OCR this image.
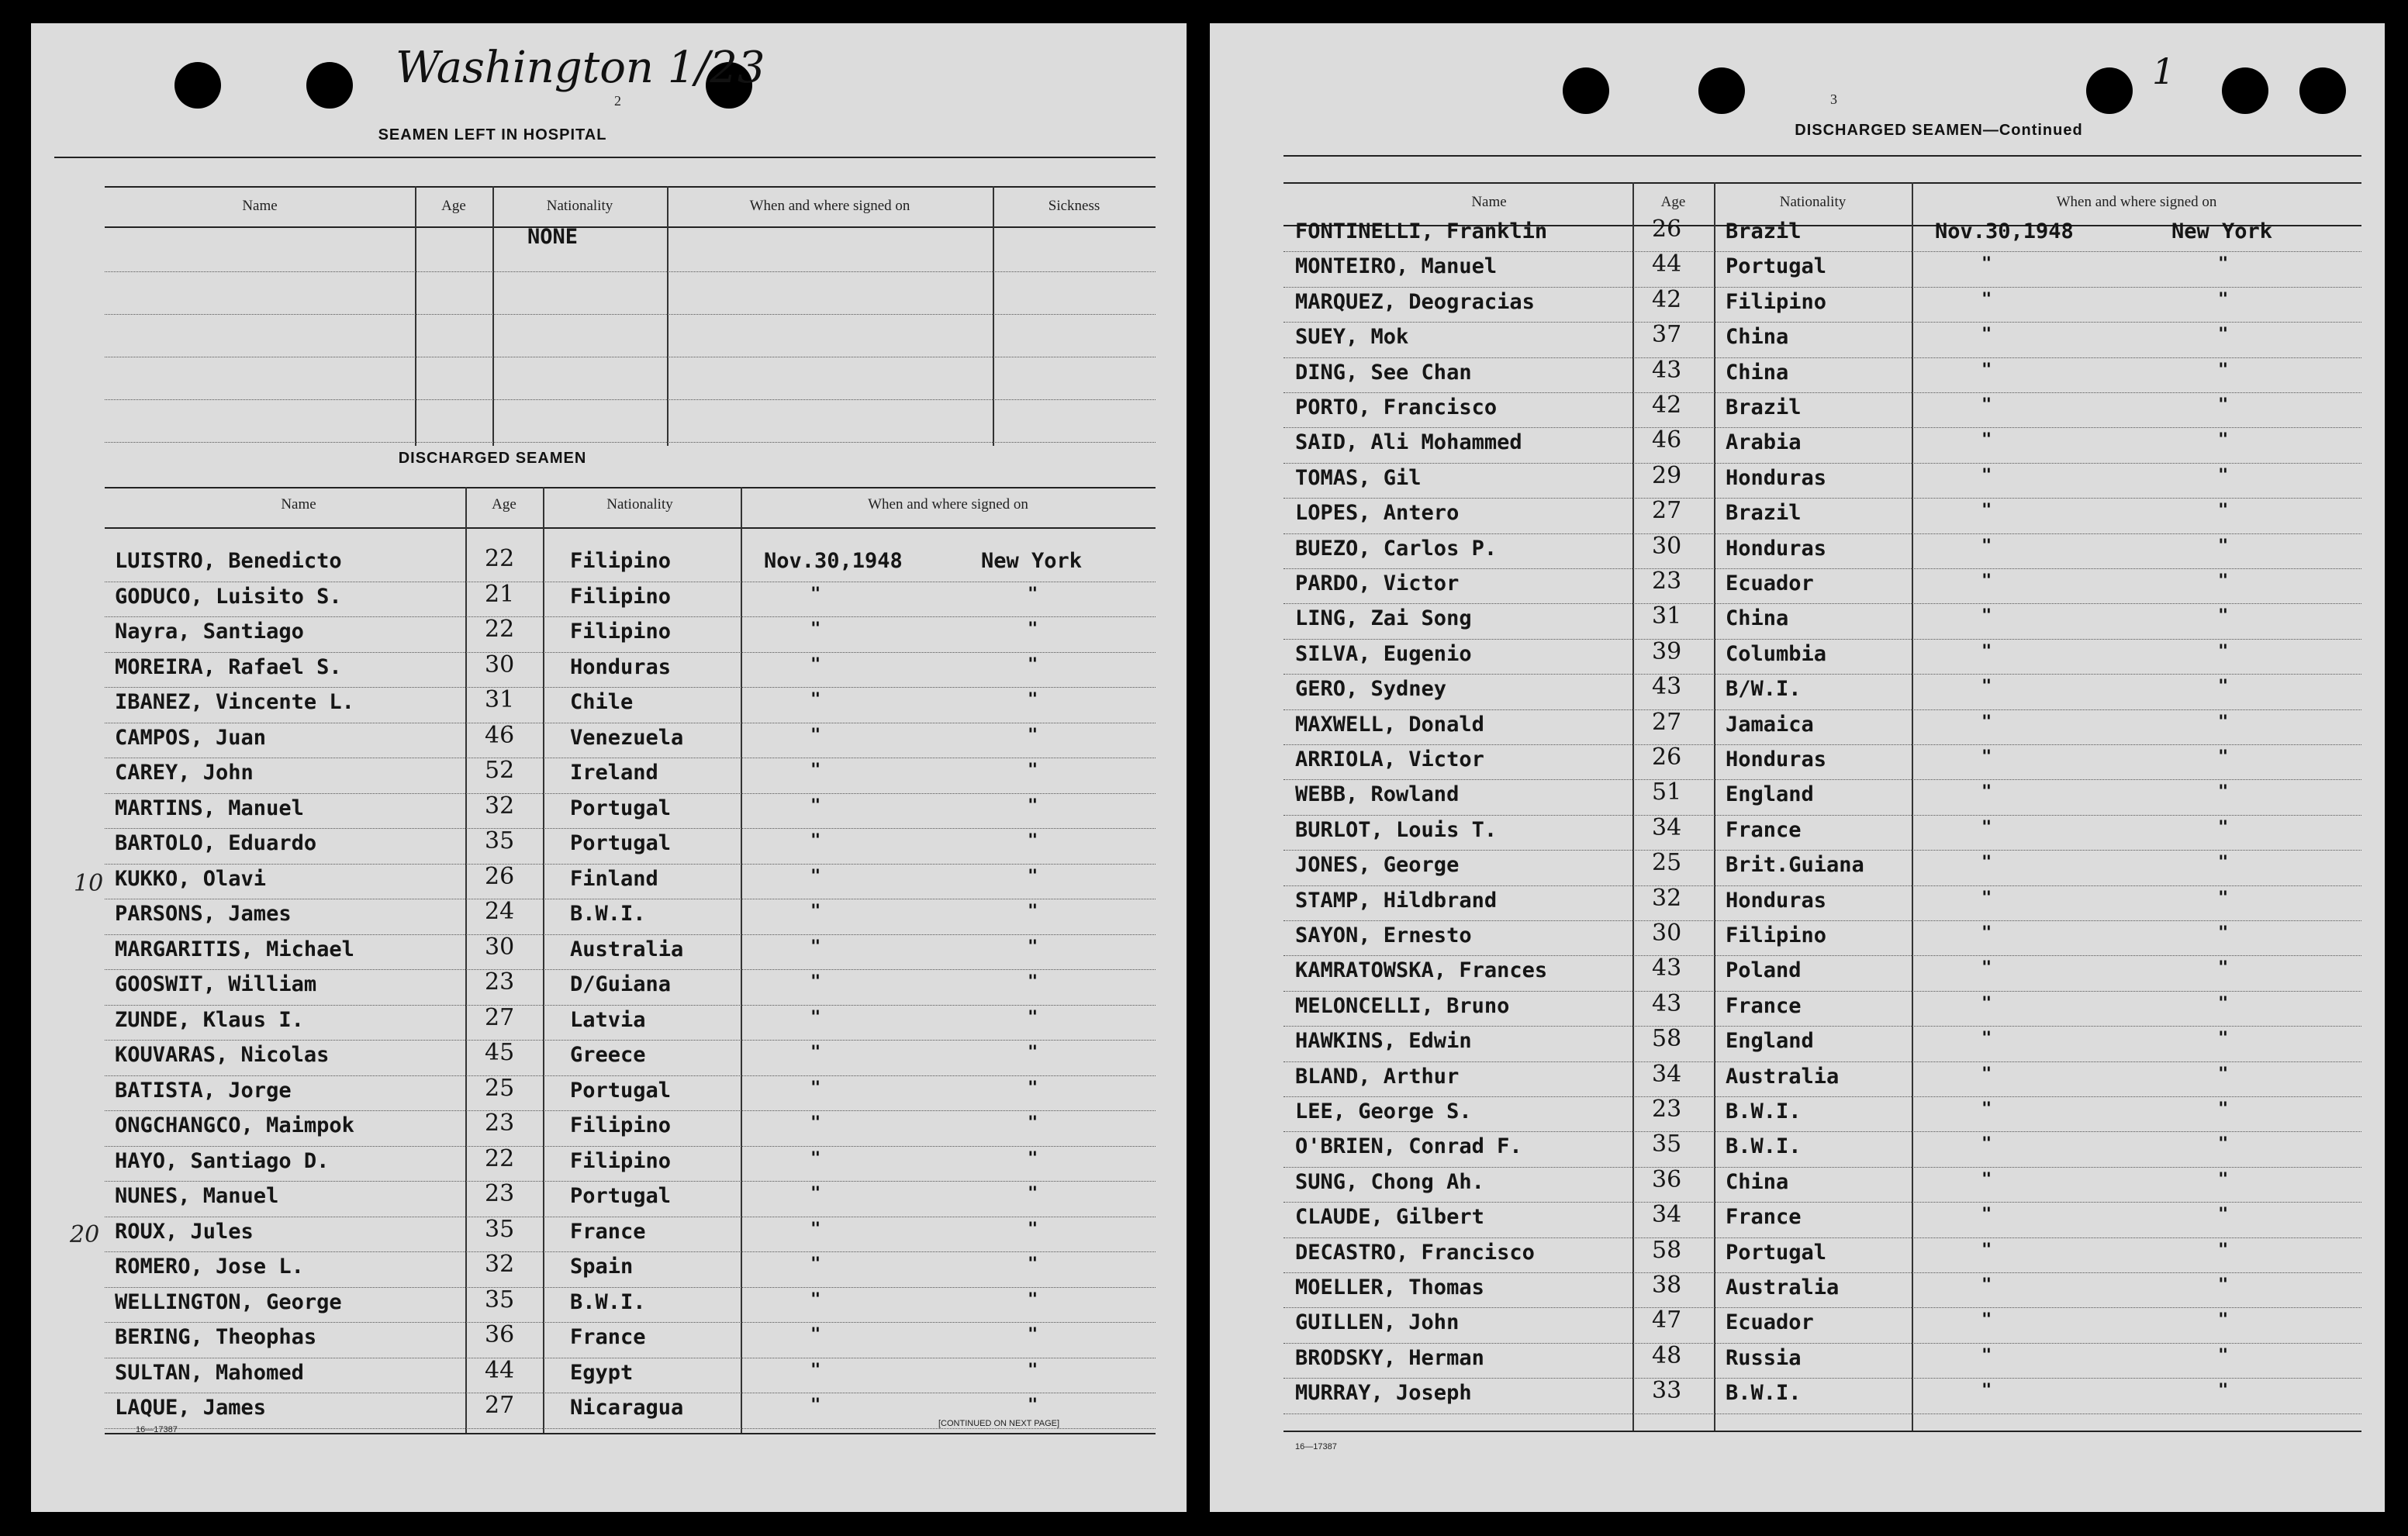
Washington 1/23
2
SEAMEN LEFT IN HOSPITAL
Name	Age	Nationality	When and where signed on	Sickness
NONE
DISCHARGED SEAMEN
Name	Age	Nationality	When and where signed on
LUISTRO, Benedicto	22	Filipino	Nov.30,1948	New York
GODUCO, Luisito S.	21	Filipino	"	"
Nayra, Santiago	22	Filipino	"	"
MOREIRA, Rafael S.	30	Honduras	"	"
IBANEZ, Vincente L.	31	Chile	"	"
CAMPOS, Juan	46	Venezuela	"	"
CAREY, John	52	Ireland	"	"
MARTINS, Manuel	32	Portugal	"	"
BARTOLO, Eduardo	35	Portugal	"	"
KUKKO, Olavi	26	Finland	"	"
PARSONS, James	24	B.W.I.	"	"
MARGARITIS, Michael	30	Australia	"	"
GOOSWIT, William	23	D/Guiana	"	"
ZUNDE, Klaus I.	27	Latvia	"	"
KOUVARAS, Nicolas	45	Greece	"	"
BATISTA, Jorge	25	Portugal	"	"
ONGCHANGCO, Maimpok	23	Filipino	"	"
HAYO, Santiago D.	22	Filipino	"	"
NUNES, Manuel	23	Portugal	"	"
ROUX, Jules	35	France	"	"
ROMERO, Jose L.	32	Spain	"	"
WELLINGTON, George	35	B.W.I.	"	"
BERING, Theophas	36	France	"	"
SULTAN, Mahomed	44	Egypt	"	"
LAQUE, James	27	Nicaragua	"	"
10
20
16—17387
[CONTINUED ON NEXT PAGE]
1
3
DISCHARGED SEAMEN—Continued
Name	Age	Nationality	When and where signed on
FONTINELLI, Franklin	26 Brazil	Nov.30,1948	New York
MONTEIRO, Manuel	44 Portugal	"	"
MARQUEZ, Deogracias	42 Filipino	"	"
SUEY, Mok	37 China	"	"
DING, See Chan	43 China	"	"
PORTO, Francisco	42 Brazil	"	"
SAID, Ali Mohammed	46 Arabia	"	"
TOMAS, Gil	29 Honduras	"	"
LOPES, Antero	27 Brazil	"	"
BUEZO, Carlos P.	30 Honduras	"	"
PARDO, Victor	23 Ecuador	"	"
LING, Zai Song	31 China	"	"
SILVA, Eugenio	39 Columbia	"	"
GERO, Sydney	43 B/W.I.	"	"
MAXWELL, Donald	27 Jamaica	"	"
ARRIOLA, Victor	26 Honduras	"	"
WEBB, Rowland	51 England	"	"
BURLOT, Louis T.	34 France	"	"
JONES, George	25 Brit.Guiana	"	"
STAMP, Hildbrand	32 Honduras	"	"
SAYON, Ernesto	30 Filipino	"	"
KAMRATOWSKA, Frances	43 Poland	"	"
MELONCELLI, Bruno	43 France	"	"
HAWKINS, Edwin	58 England	"	"
BLAND, Arthur	34 Australia	"	"
LEE, George S.	23 B.W.I.	"	"
O'BRIEN, Conrad F.	35 B.W.I.	"	"
SUNG, Chong Ah.	36 China	"	"
CLAUDE, Gilbert	34 France	"	"
DECASTRO, Francisco	58 Portugal	"	"
MOELLER, Thomas	38 Australia	"	"
GUILLEN, John	47 Ecuador	"	"
BRODSKY, Herman	48 Russia	"	"
MURRAY, Joseph	33 B.W.I.	"	"
16—17387
